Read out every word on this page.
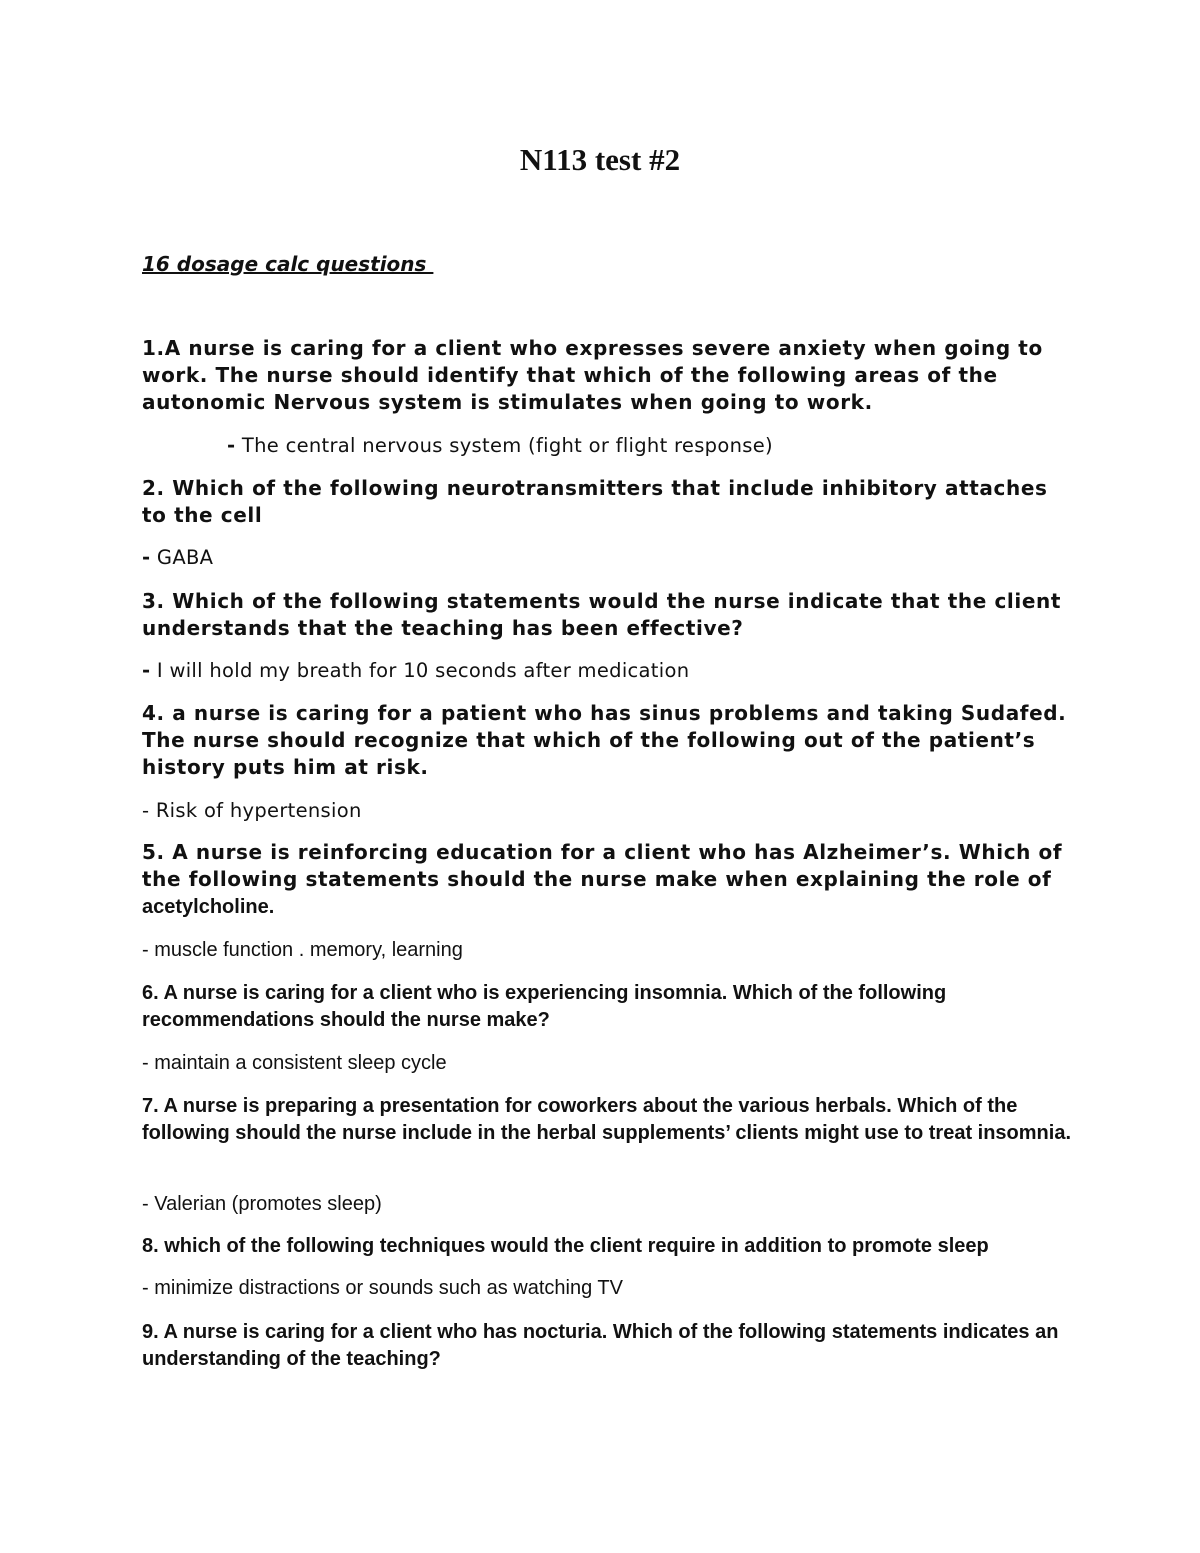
N113 test #2

16 dosage calc questions

1.A nurse is caring for a client who expresses severe anxiety when going to work. The nurse should identify that which of the following areas of the autonomic Nervous system is stimulates when going to work.

- The central nervous system (fight or flight response)

2. Which of the following neurotransmitters that include inhibitory attaches to the cell

- GABA

3. Which of the following statements would the nurse indicate that the client understands that the teaching has been effective?

- I will hold my breath for 10 seconds after medication

4. a nurse is caring for a patient who has sinus problems and taking Sudafed. The nurse should recognize that which of the following out of the patient’s history puts him at risk.

- Risk of hypertension

5. A nurse is reinforcing education for a client who has Alzheimer’s. Which of the following statements should the nurse make when explaining the role of acetylcholine.

- muscle function . memory, learning

6. A nurse is caring for a client who is experiencing insomnia. Which of the following recommendations should the nurse make?

- maintain a consistent sleep cycle

7. A nurse is preparing a presentation for coworkers about the various herbals. Which of the following should the nurse include in the herbal supplements’ clients might use to treat insomnia.

- Valerian (promotes sleep)

8. which of the following techniques would the client require in addition to promote sleep

- minimize distractions or sounds such as watching TV

9. A nurse is caring for a client who has nocturia. Which of the following statements indicates an understanding of the teaching?
